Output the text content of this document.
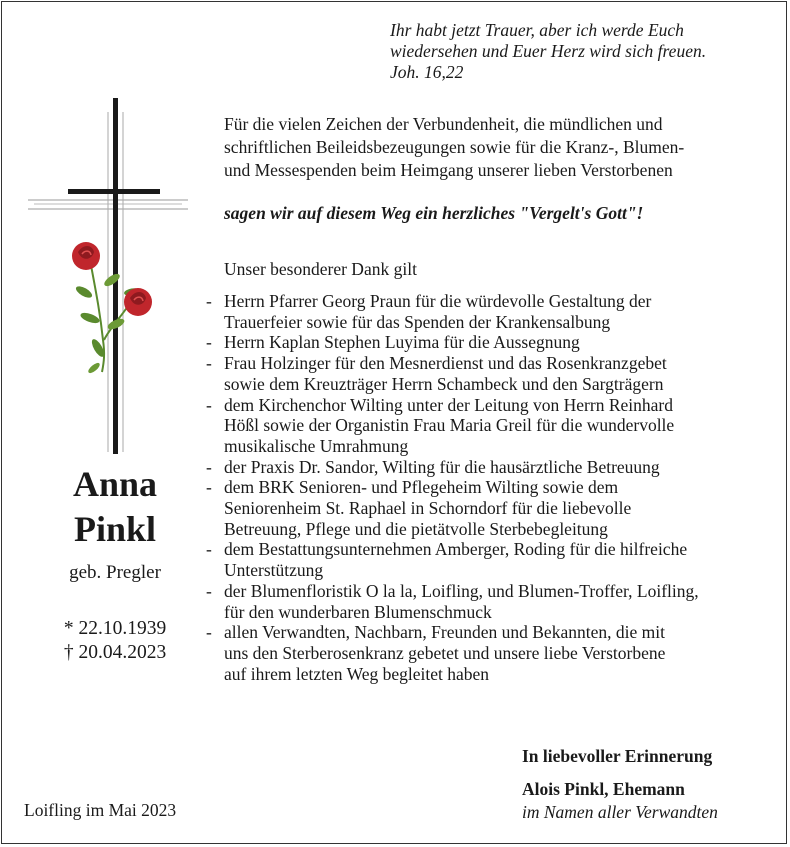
Ihr habt jetzt Trauer, aber ich werde Euch
wiedersehen und Euer Herz wird sich freuen.
Joh. 16,22
Für die vielen Zeichen der Verbundenheit, die mündlichen und
schriftlichen Beileidsbezeugungen sowie für die Kranz-, Blumen-
und Messespenden beim Heimgang unserer lieben Verstorbenen
sagen wir auf diesem Weg ein herzliches "Vergelt's Gott"!
Unser besonderer Dank gilt
- Herrn Pfarrer Georg Praun für die würdevolle Gestaltung der
Trauerfeier sowie für das Spenden der Krankensalbung
- Herrn Kaplan Stephen Luyima für die Aussegnung
- Frau Holzinger für den Mesnerdienst und das Rosenkranzgebet
sowie dem Kreuzträger Herrn Schambeck und den Sargträgern
- dem Kirchenchor Wilting unter der Leitung von Herrn Reinhard
Hößl sowie der Organistin Frau Maria Greil für die wundervolle
musikalische Umrahmung
- der Praxis Dr. Sandor, Wilting für die hausärztliche Betreuung
- dem BRK Senioren- und Pflegeheim Wilting sowie dem
Seniorenheim St. Raphael in Schorndorf für die liebevolle
Betreuung, Pflege und die pietätvolle Sterbebegleitung
- dem Bestattungsunternehmen Amberger, Roding für die hilfreiche
Unterstützung
- der Blumenfloristik O la la, Loifling, und Blumen-Troffer, Loifling,
für den wunderbaren Blumenschmuck
- allen Verwandten, Nachbarn, Freunden und Bekannten, die mit
uns den Sterberosenkranz gebetet und unsere liebe Verstorbene
auf ihrem letzten Weg begleitet haben
Anna
Pinkl
geb. Pregler
* 22.10.1939
† 20.04.2023
Loifling im Mai 2023
In liebevoller Erinnerung
Alois Pinkl, Ehemann
im Namen aller Verwandten
